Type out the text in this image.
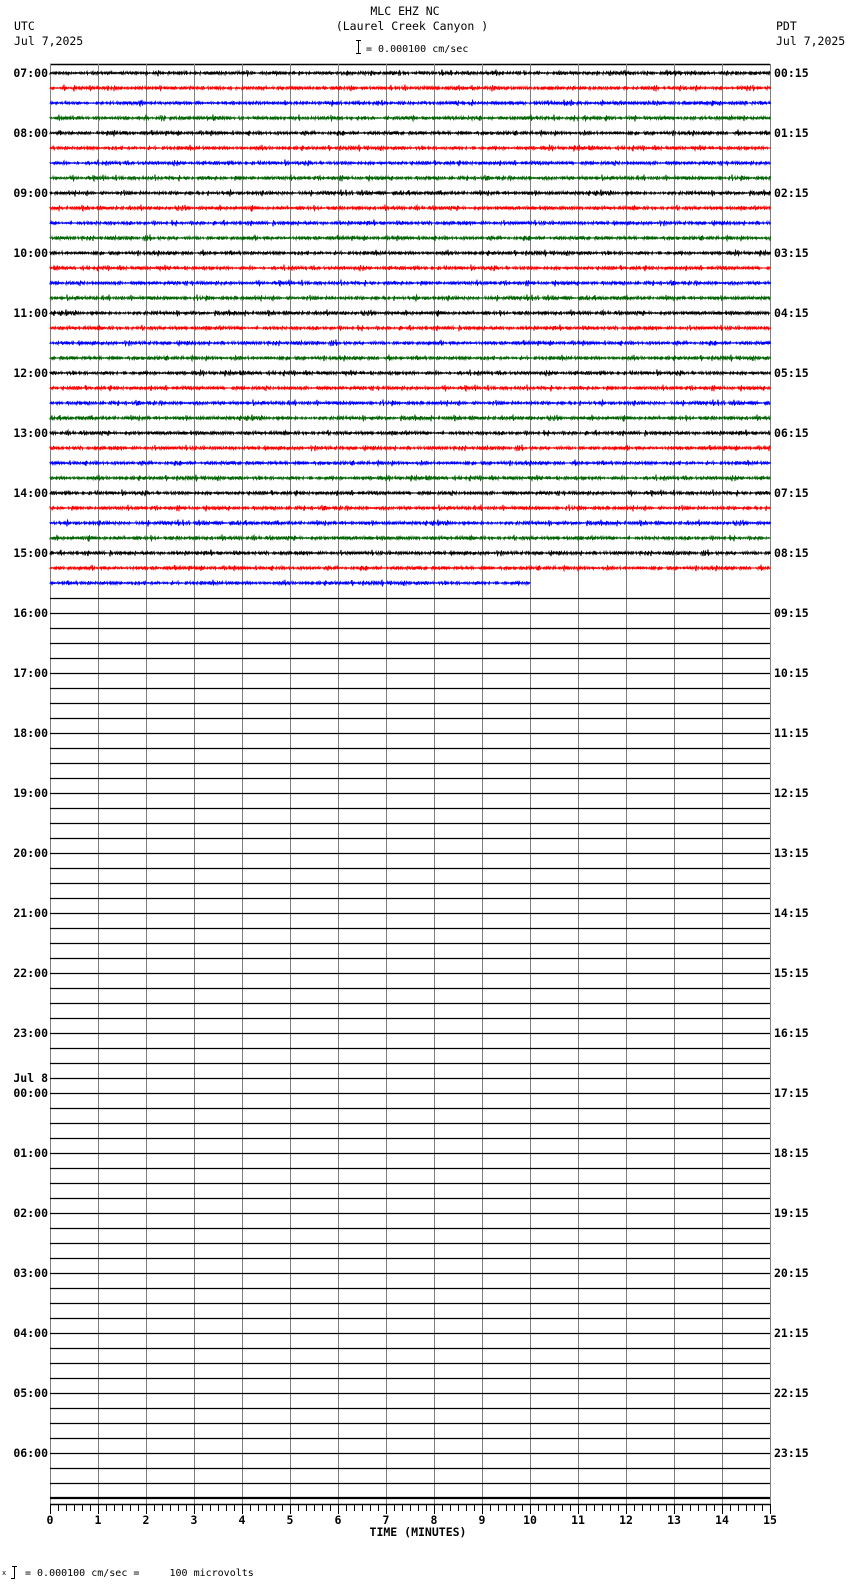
MLC EHZ NC
(Laurel Creek Canyon )
UTC
Jul 7,2025
PDT
Jul 7,2025
= 0.000100 cm/sec
07:00
08:00
09:00
10:00
11:00
12:00
13:00
14:00
15:00
16:00
17:00
18:00
19:00
20:00
21:00
22:00
23:00
00:00
Jul 8
01:00
02:00
03:00
04:00
05:00
06:00
00:15
01:15
02:15
03:15
04:15
05:15
06:15
07:15
08:15
09:15
10:15
11:15
12:15
13:15
14:15
15:15
16:15
17:15
18:15
19:15
20:15
21:15
22:15
23:15
0	1	2	3	4	5	6	7	8	9	10	11	12	13	14	15
TIME (MINUTES)
x = 0.000100 cm/sec =     100 microvolts
